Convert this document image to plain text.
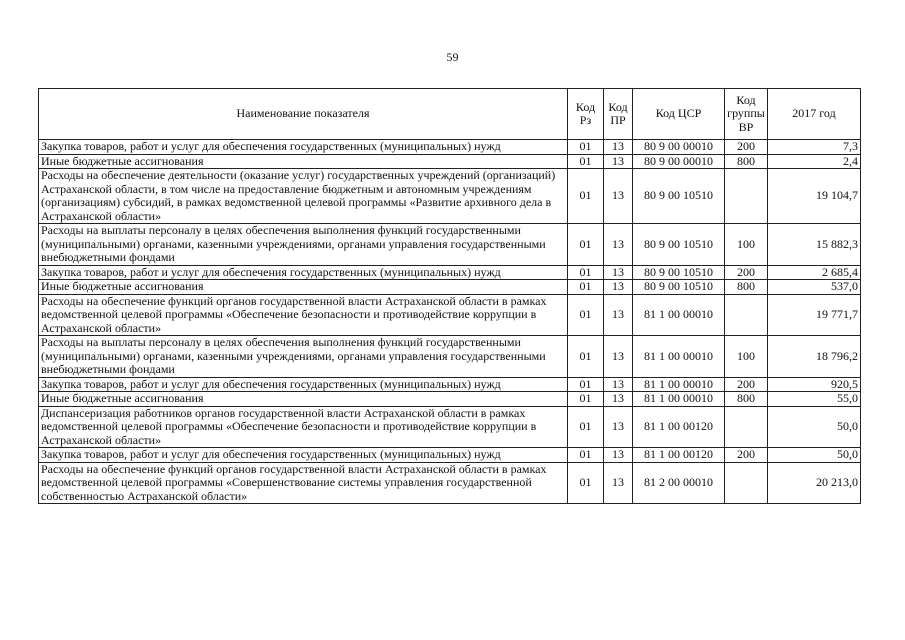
59
Наименование показателя	Код Рз	Код ПР	Код ЦСР	Код группы ВР	2017 год
Закупка товаров, работ и услуг для обеспечения государственных (муниципальных) нужд	01	13	80 9 00 00010	200	7,3
Иные бюджетные ассигнования	01	13	80 9 00 00010	800	2,4
Расходы на обеспечение деятельности (оказание услуг) государственных учреждений (организаций) Астраханской области, в том числе на предоставление бюджетным и автономным учреждениям (организациям) субсидий, в рамках ведомственной целевой программы «Развитие архивного дела в Астраханской области»	01	13	80 9 00 10510		19 104,7
Расходы на выплаты персоналу в целях обеспечения выполнения функций государственными (муниципальными) органами, казенными учреждениями, органами управления государственными внебюджетными фондами	01	13	80 9 00 10510	100	15 882,3
Закупка товаров, работ и услуг для обеспечения государственных (муниципальных) нужд	01	13	80 9 00 10510	200	2 685,4
Иные бюджетные ассигнования	01	13	80 9 00 10510	800	537,0
Расходы на обеспечение функций органов государственной власти Астраханской области в рамках ведомственной целевой программы «Обеспечение безопасности и противодействие коррупции в Астраханской области»	01	13	81 1 00 00010		19 771,7
Расходы на выплаты персоналу в целях обеспечения выполнения функций государственными (муниципальными) органами, казенными учреждениями, органами управления государственными внебюджетными фондами	01	13	81 1 00 00010	100	18 796,2
Закупка товаров, работ и услуг для обеспечения государственных (муниципальных) нужд	01	13	81 1 00 00010	200	920,5
Иные бюджетные ассигнования	01	13	81 1 00 00010	800	55,0
Диспансеризация работников органов государственной власти Астраханской области в рамках ведомственной целевой программы «Обеспечение безопасности и противодействие коррупции в Астраханской области»	01	13	81 1 00 00120		50,0
Закупка товаров, работ и услуг для обеспечения государственных (муниципальных) нужд	01	13	81 1 00 00120	200	50,0
Расходы на обеспечение функций органов государственной власти Астраханской области в рамках ведомственной целевой программы «Совершенствование системы управления государственной собственностью Астраханской области»	01	13	81 2 00 00010		20 213,0
